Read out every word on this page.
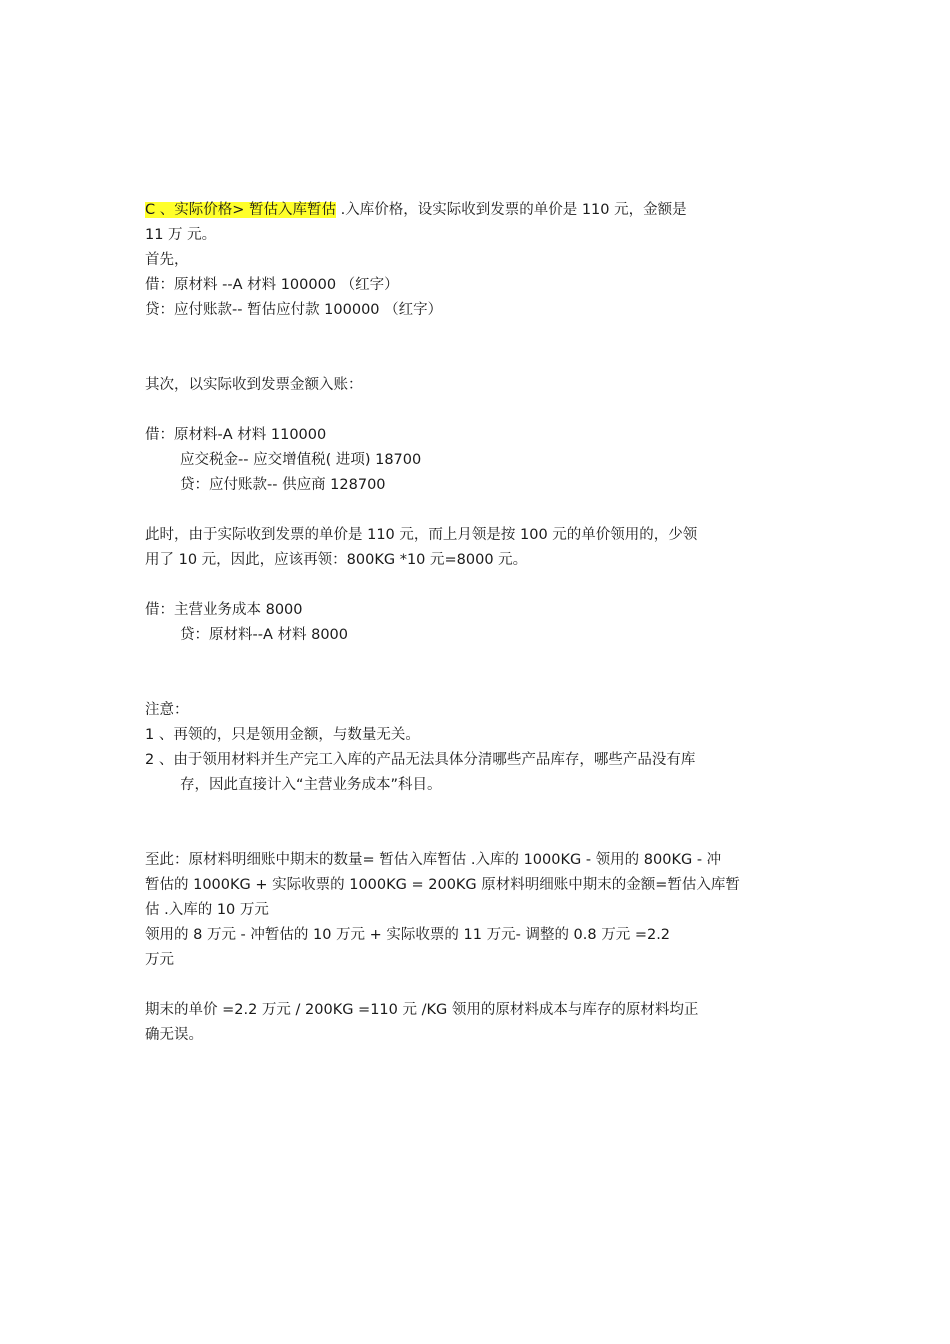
C 、实际价格> 暂估入库暂估 .入库价格，设实际收到发票的单价是 110 元，金额是
11 万 元。
首先，
借：原材料 --A 材料 100000 （红字）
贷：应付账款-- 暂估应付款 100000 （红字）
其次，以实际收到发票金额入账：
借：原材料-A 材料 110000
应交税金-- 应交增值税( 进项) 18700
贷：应付账款-- 供应商 128700
此时，由于实际收到发票的单价是 110 元，而上月领是按 100 元的单价领用的，少领
用了 10 元，因此，应该再领：800KG *10 元=8000 元。
借：主营业务成本 8000
贷：原材料--A 材料 8000
注意：
1 、再领的，只是领用金额，与数量无关。
2 、由于领用材料并生产完工入库的产品无法具体分清哪些产品库存，哪些产品没有库
存，因此直接计入“主营业务成本”科目。
至此：原材料明细账中期末的数量= 暂估入库暂估 .入库的 1000KG - 领用的 800KG - 冲
暂估的 1000KG + 实际收票的 1000KG = 200KG 原材料明细账中期末的金额=暂估入库暂
估 .入库的 10 万元
领用的 8 万元 - 冲暂估的 10 万元 + 实际收票的 11 万元- 调整的 0.8 万元 =2.2
万元
期末的单价 =2.2 万元 / 200KG =110 元 /KG 领用的原材料成本与库存的原材料均正
确无误。
